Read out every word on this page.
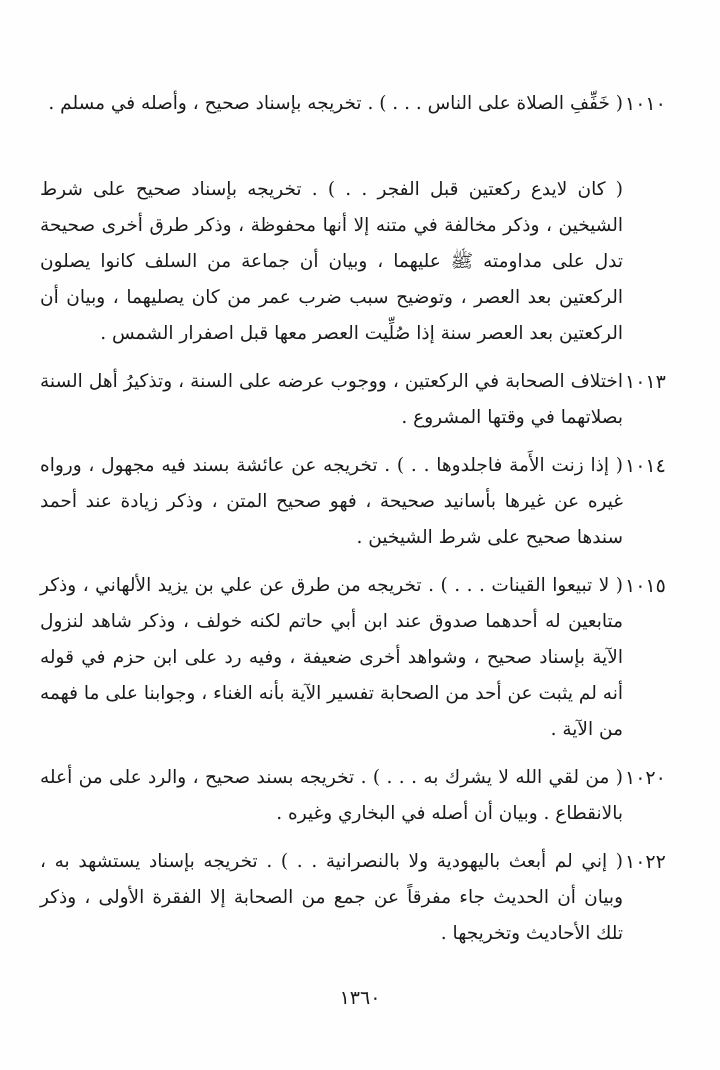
١٠١٠
( خَفِّفِ الصلاة على الناس . . . ) . تخريجه بإسناد صحيح ، وأصله في مسلم .
( كان لايدع ركعتين قبل الفجر . . ) . تخريجه بإسناد صحيح على شرط الشيخين ، وذكر مخالفة في متنه إلا أنها محفوظة ، وذكر طرق أخرى صحيحة تدل على مداومته ﷺ عليهما ، وبيان أن جماعة من السلف كانوا يصلون الركعتين بعد العصر ، وتوضيح سبب ضرب عمر من كان يصليهما ، وبيان أن الركعتين بعد العصر سنة إذا صُلِّيت العصر معها قبل اصفرار الشمس .
١٠١٣
اختلاف الصحابة في الركعتين ، ووجوب عرضه على السنة ، وتذكيرُ أهل السنة بصلاتهما في وقتها المشروع .
١٠١٤
( إذا زنت الأَمة فاجلدوها . . ) . تخريجه عن عائشة بسند فيه مجهول ، ورواه غيره عن غيرها بأسانيد صحيحة ، فهو صحيح المتن ، وذكر زيادة عند أحمد سندها صحيح على شرط الشيخين .
١٠١٥
( لا تبيعوا القينات . . . ) . تخريجه من طرق عن علي بن يزيد الألهاني ، وذكر متابعين له أحدهما صدوق عند ابن أبي حاتم لكنه خولف ، وذكر شاهد لنزول الآية بإسناد صحيح ، وشواهد أخرى ضعيفة ، وفيه رد على ابن حزم في قوله أنه لم يثبت عن أحد من الصحابة تفسير الآية بأنه الغناء ، وجوابنا على ما فهمه من الآية .
١٠٢٠
( من لقي الله لا يشرك به . . . ) . تخريجه بسند صحيح ، والرد على من أعله بالانقطاع . وبيان أن أصله في البخاري وغيره .
١٠٢٢
( إني لم أبعث باليهودية ولا بالنصرانية . . ) . تخريجه بإسناد يستشهد به ، وبيان أن الحديث جاء مفرقاً عن جمع من الصحابة إلا الفقرة الأولى ، وذكر تلك الأحاديث وتخريجها .
١٣٦٠
